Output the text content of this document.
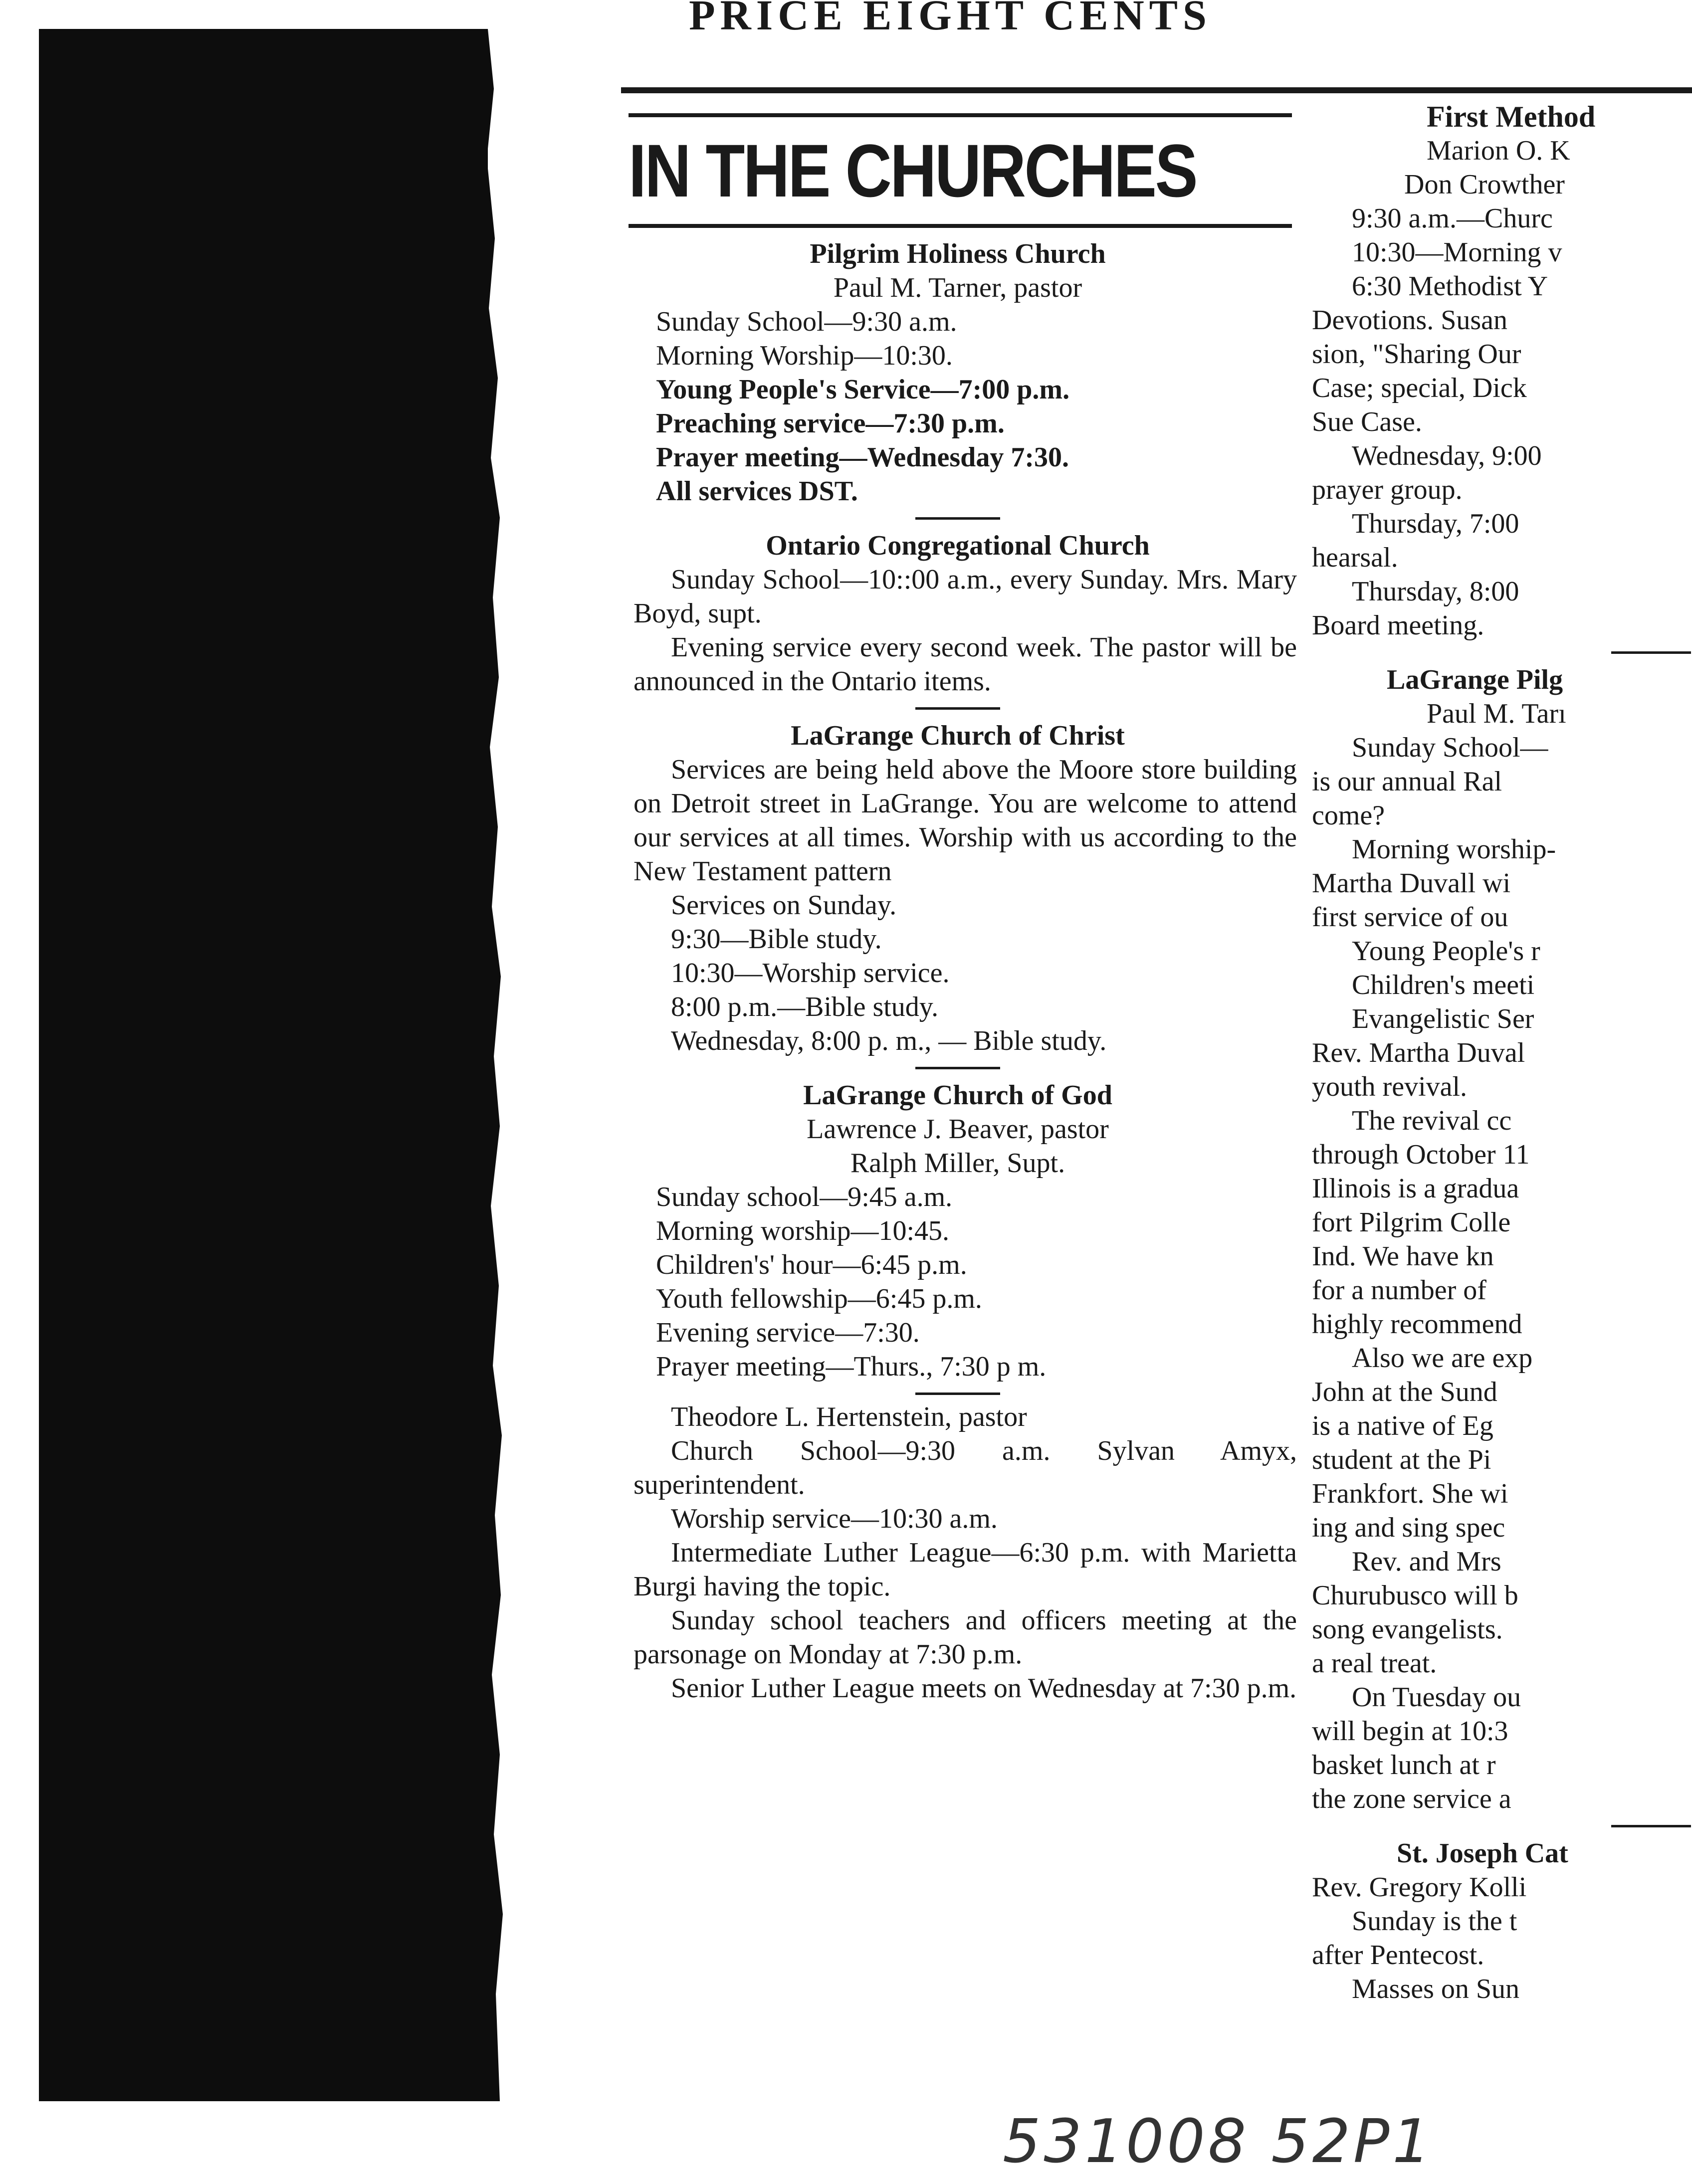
PRICE EIGHT CENTS
IN THE CHURCHES
Pilgrim Holiness Church
Paul M. Tarner, pastor
Sunday School—9:30 a.m.
Morning Worship—10:30.
Young People's Service—7:00 p.m.
Preaching service—7:30 p.m.
Prayer meeting—Wednesday 7:30.
All services DST.
Ontario Congregational Church
Sunday School—10::00 a.m., every Sunday. Mrs. Mary Boyd, supt.
Evening service every second week. The pastor will be announced in the Ontario items.
LaGrange Church of Christ
Services are being held above the Moore store building on Detroit street in LaGrange. You are welcome to attend our services at all times. Worship with us according to the New Testament pattern
Services on Sunday.
9:30—Bible study.
10:30—Worship service.
8:00 p.m.—Bible study.
Wednesday, 8:00 p. m., — Bible study.
LaGrange Church of God
Lawrence J. Beaver, pastor
Ralph Miller, Supt.
Sunday school—9:45 a.m.
Morning worship—10:45.
Children's' hour—6:45 p.m.
Youth fellowship—6:45 p.m.
Evening service—7:30.
Prayer meeting—Thurs., 7:30 p m.
Theodore L. Hertenstein, pastor
Church School—9:30 a.m. Sylvan Amyx, superintendent.
Worship service—10:30 a.m.
Intermediate Luther League—6:30 p.m. with Marietta Burgi having the topic.
Sunday school teachers and officers meeting at the parsonage on Monday at 7:30 p.m.
Senior Luther League meets on Wednesday at 7:30 p.m.
First Method
Marion O. K
Don Crowther
9:30 a.m.—Churc
10:30—Morning v
6:30 Methodist Y
Devotions. Susan
sion, "Sharing Our
Case; special, Dick
Sue Case.
Wednesday, 9:00
prayer group.
Thursday, 7:00
hearsal.
Thursday, 8:00
Board meeting.
LaGrange Pilg
Paul M. Tarı
Sunday School—
is our annual Ral
come?
Morning worship-
Martha Duvall wi
first service of ou
Young People's r
Children's meeti
Evangelistic Ser
Rev. Martha Duval
youth revival.
The revival cc
through October 11
Illinois is a gradua
fort Pilgrim Colle
Ind. We have kn
for a number of
highly recommend
Also we are exp
John at the Sund
is a native of Eg
student at the Pi
Frankfort. She wi
ing and sing spec
Rev. and Mrs
Churubusco will b
song evangelists.
a real treat.
On Tuesday ou
will begin at 10:3
basket lunch at r
the zone service a
St. Joseph Cat
Rev. Gregory Kolli
Sunday is the t
after Pentecost.
Masses on Sun
531008 52P1
